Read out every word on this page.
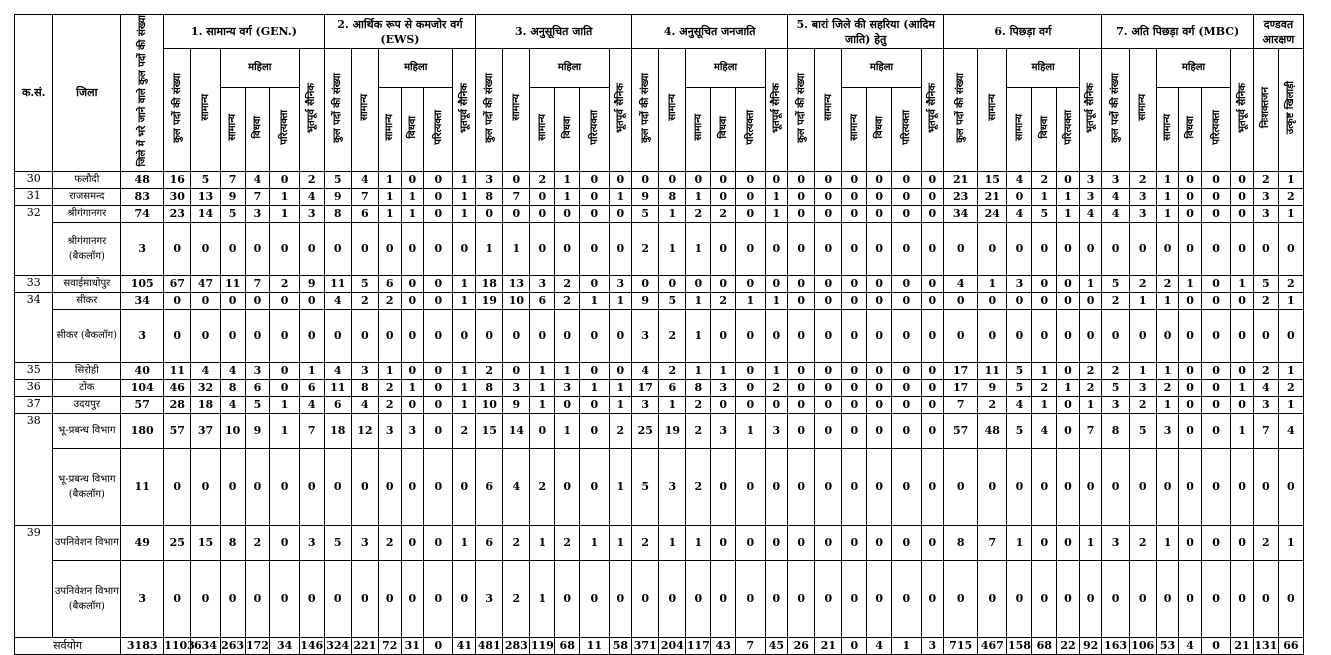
क.सं.	जिला	जिले में भरे जाने वाले कुल पदों की संख्या	1. सामान्य वर्ग (GEN.)						2. आर्थिक रूप से कमजोर वर्ग (EWS)						3. अनुसूचित जाति						4. अनुसूचित जनजाति						5. बारां जिले की सहरिया (आदिम जाति) हेतु						6. पिछड़ा वर्ग						7. अति पिछड़ा वर्ग (MBC)						दण्डवत आरक्षण	
			कुल पदों की संख्या	सामान्य	महिला			भूतपूर्व सैनिक	कुल पदों की संख्या	सामान्य	महिला			भूतपूर्व सैनिक	कुल पदों की संख्या	सामान्य	महिला			भूतपूर्व सैनिक	कुल पदों की संख्या	सामान्य	महिला			भूतपूर्व सैनिक	कुल पदों की संख्या	सामान्य	महिला			भूतपूर्व सैनिक	कुल पदों की संख्या	सामान्य	महिला			भूतपूर्व सैनिक	कुल पदों की संख्या	सामान्य	महिला			भूतपूर्व सैनिक	निःशक्तजन	उत्कृष्ट खिलाड़ी
					सामान्य	विधवा	परित्यक्ता				सामान्य	विधवा	परित्यक्ता				सामान्य	विधवा	परित्यक्ता				सामान्य	विधवा	परित्यक्ता				सामान्य	विधवा	परित्यक्ता				सामान्य	विधवा	परित्यक्ता				सामान्य	विधवा	परित्यक्ता			
30	फलौदी	48	16	5	7	4	0	2	5	4	1	0	0	1	3	0	2	1	0	0	0	0	0	0	0	0	0	0	0	0	0	0	21	15	4	2	0	3	3	2	1	0	0	0	2	1
31	राजसमन्द	83	30	13	9	7	1	4	9	7	1	1	0	1	8	7	0	1	0	1	9	8	1	0	0	1	0	0	0	0	0	0	23	21	0	1	1	3	4	3	1	0	0	0	3	2
32	श्रीगंगानगर	74	23	14	5	3	1	3	8	6	1	1	0	1	0	0	0	0	0	0	5	1	2	2	0	1	0	0	0	0	0	0	34	24	4	5	1	4	4	3	1	0	0	0	3	1
	श्रीगंगानगर (बैकलॉग)	3	0	0	0	0	0	0	0	0	0	0	0	0	1	1	0	0	0	0	2	1	1	0	0	0	0	0	0	0	0	0	0	0	0	0	0	0	0	0	0	0	0	0	0	0
33	सवाईमाधोपुर	105	67	47	11	7	2	9	11	5	6	0	0	1	18	13	3	2	0	3	0	0	0	0	0	0	0	0	0	0	0	0	4	1	3	0	0	1	5	2	2	1	0	1	5	2
34	सीकर	34	0	0	0	0	0	0	4	2	2	0	0	1	19	10	6	2	1	1	9	5	1	2	1	1	0	0	0	0	0	0	0	0	0	0	0	0	2	1	1	0	0	0	2	1
	सीकर (बैकलॉग)	3	0	0	0	0	0	0	0	0	0	0	0	0	0	0	0	0	0	0	3	2	1	0	0	0	0	0	0	0	0	0	0	0	0	0	0	0	0	0	0	0	0	0	0	0
35	सिरोही	40	11	4	4	3	0	1	4	3	1	0	0	1	2	0	1	1	0	0	4	2	1	1	0	1	0	0	0	0	0	0	17	11	5	1	0	2	2	1	1	0	0	0	2	1
36	टोंक	104	46	32	8	6	0	6	11	8	2	1	0	1	8	3	1	3	1	1	17	6	8	3	0	2	0	0	0	0	0	0	17	9	5	2	1	2	5	3	2	0	0	1	4	2
37	उदयपुर	57	28	18	4	5	1	4	6	4	2	0	0	1	10	9	1	0	0	1	3	1	2	0	0	0	0	0	0	0	0	0	7	2	4	1	0	1	3	2	1	0	0	0	3	1
38	भू-प्रबन्ध विभाग	180	57	37	10	9	1	7	18	12	3	3	0	2	15	14	0	1	0	2	25	19	2	3	1	3	0	0	0	0	0	0	57	48	5	4	0	7	8	5	3	0	0	1	7	4
	भू-प्रबन्ध विभाग (बैकलॉग)	11	0	0	0	0	0	0	0	0	0	0	0	0	6	4	2	0	0	1	5	3	2	0	0	0	0	0	0	0	0	0	0	0	0	0	0	0	0	0	0	0	0	0	0	0
39	उपनिवेशन विभाग	49	25	15	8	2	0	3	5	3	2	0	0	1	6	2	1	2	1	1	2	1	1	0	0	0	0	0	0	0	0	0	8	7	1	0	0	1	3	2	1	0	0	0	2	1
	उपनिवेशन विभाग (बैकलॉग)	3	0	0	0	0	0	0	0	0	0	0	0	0	3	2	1	0	0	0	0	0	0	0	0	0	0	0	0	0	0	0	0	0	0	0	0	0	0	0	0	0	0	0	0	0
सर्वयोग		3183	1103	634	263	172	34	146	324	221	72	31	0	41	481	283	119	68	11	58	371	204	117	43	7	45	26	21	0	4	1	3	715	467	158	68	22	92	163	106	53	4	0	21	131	66
